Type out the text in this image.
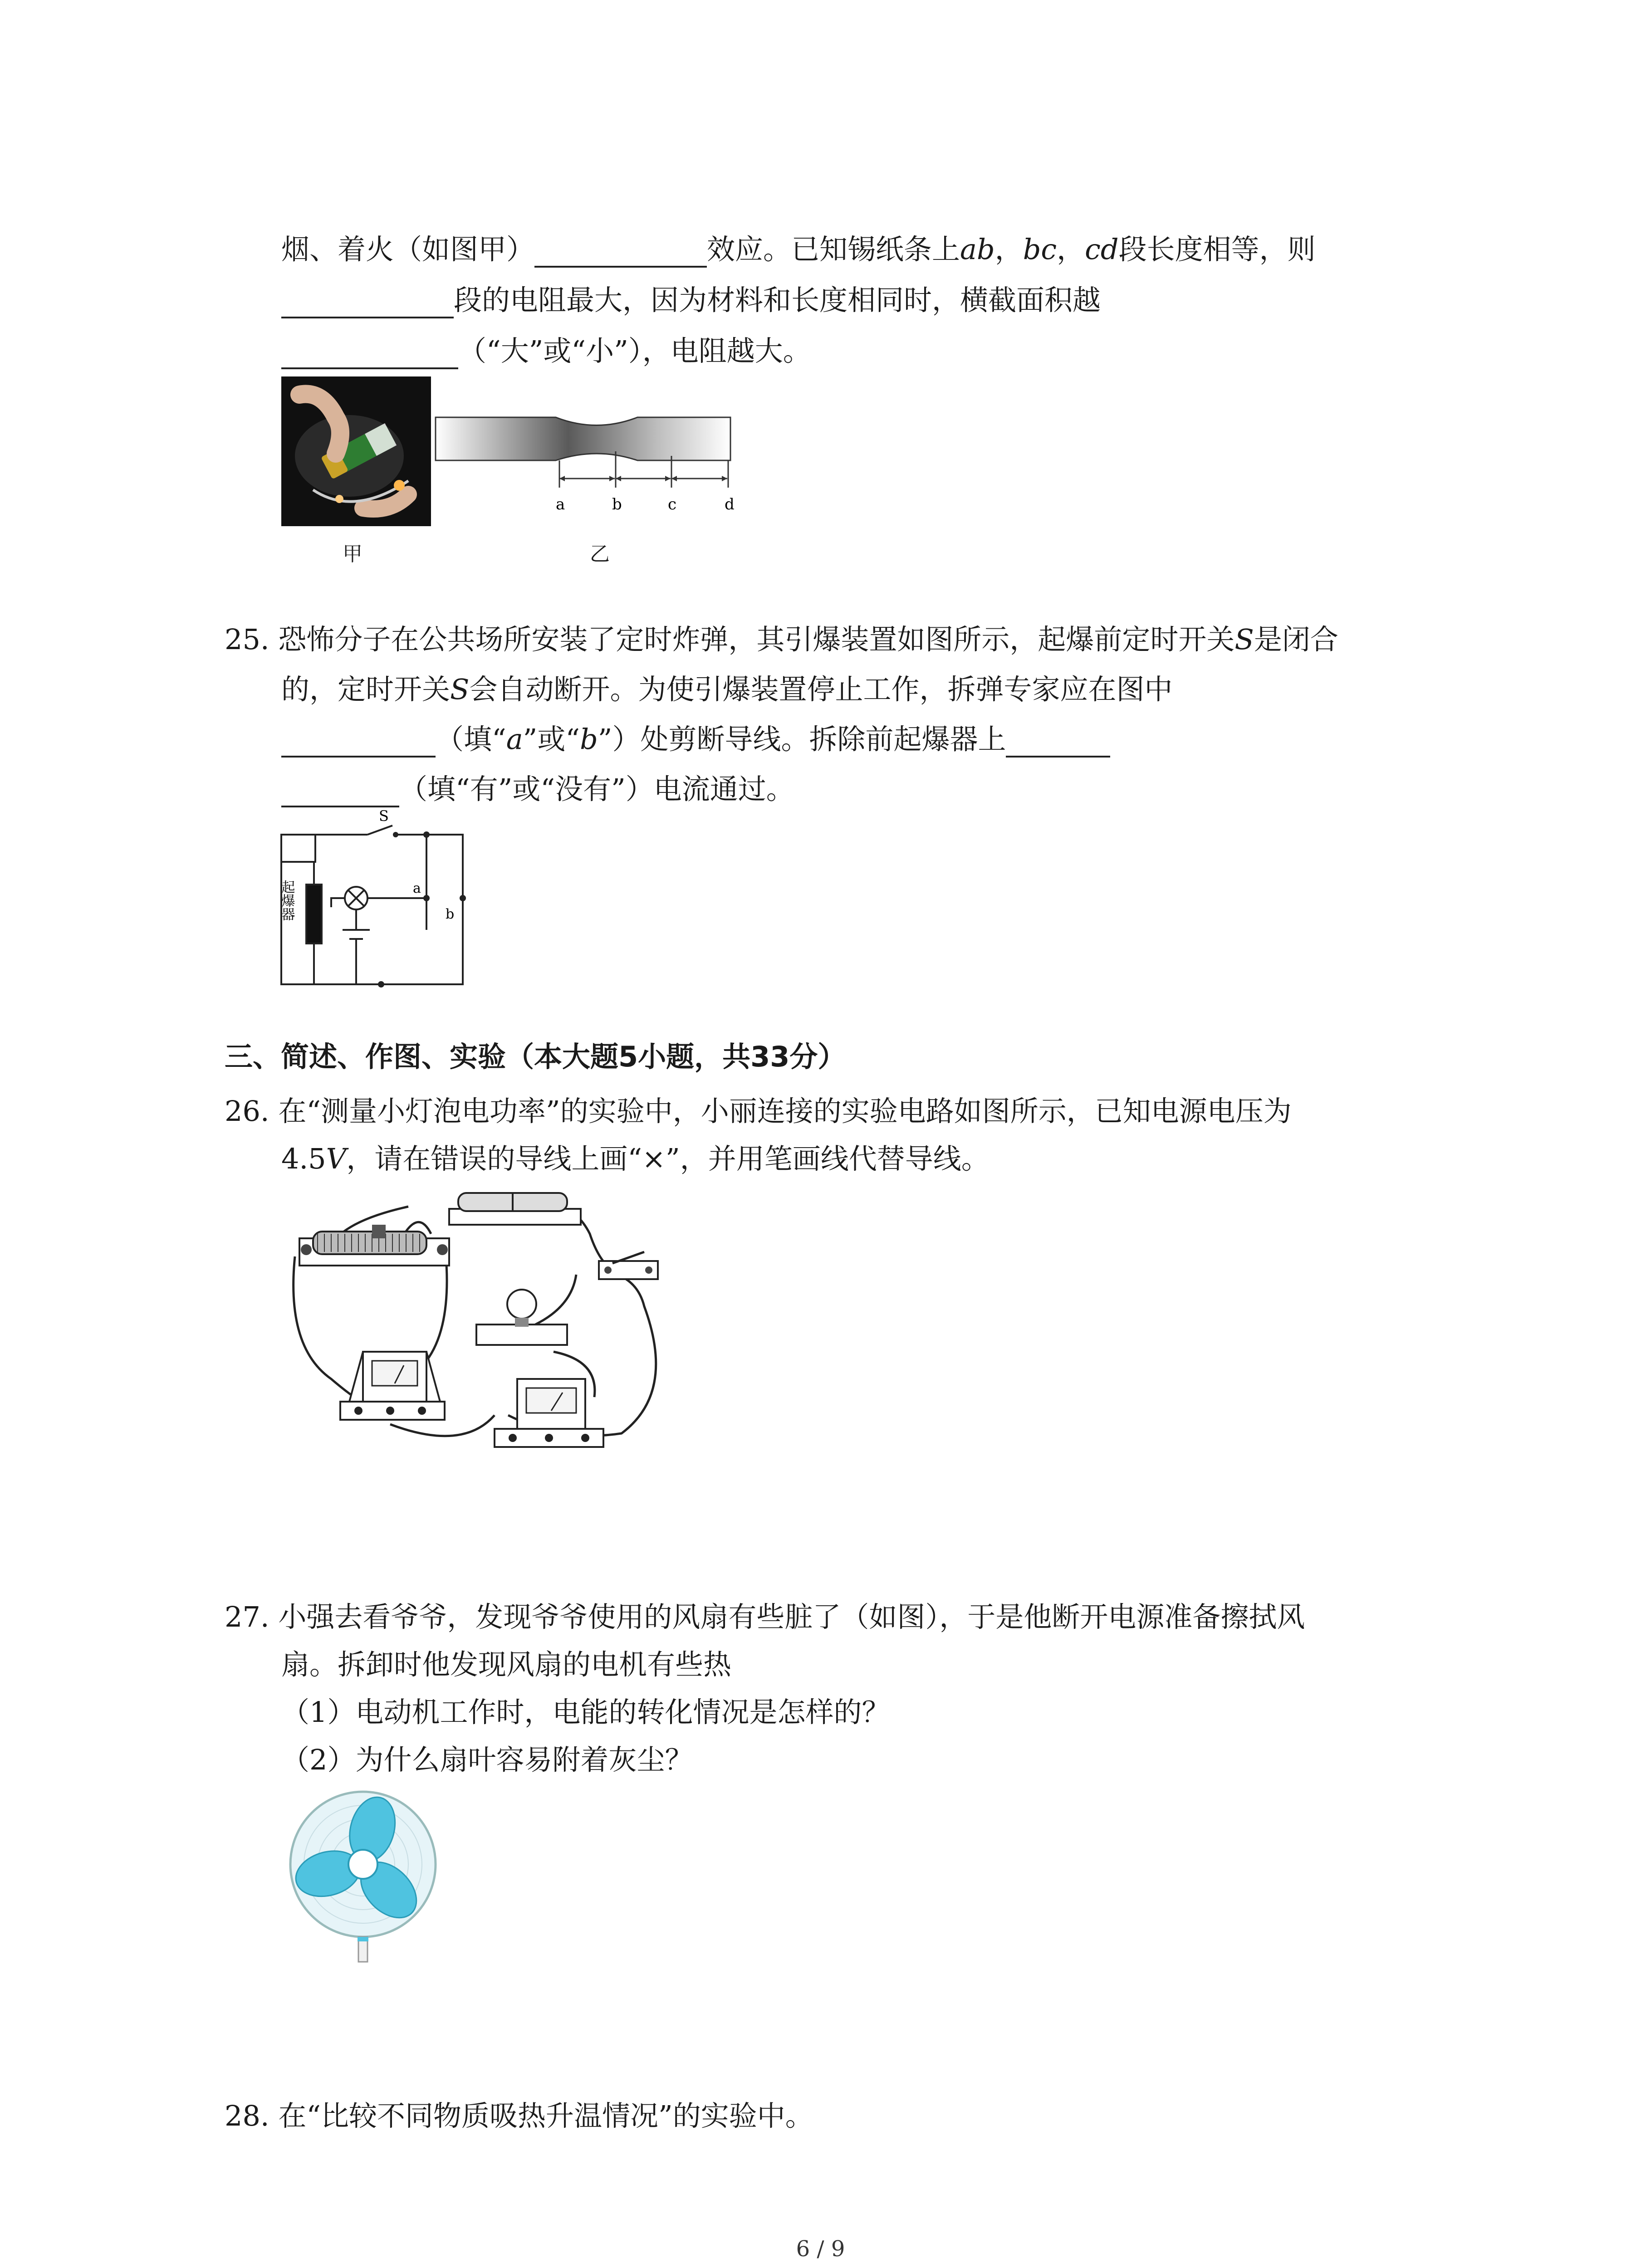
烟、着火（如图甲）	效应。已知锡纸条上ab，bc，cd段长度相等，则
段的电阻最大，因为材料和长度相同时，横截面积越
（“大”或“小”），电阻越大。
甲
a	b	c	d
乙
25. 恐怖分子在公共场所安装了定时炸弹，其引爆装置如图所示，起爆前定时开关S是闭合
的，定时开关S会自动断开。为使引爆装置停止工作，拆弹专家应在图中
（填“a”或“b”）处剪断导线。拆除前起爆器上
（填“有”或“没有”）电流通过。
S
a
b
起爆器
三、简述、作图、实验（本大题5小题，共33分）
26. 在“测量小灯泡电功率”的实验中，小丽连接的实验电路如图所示，已知电源电压为
4.5V，请在错误的导线上画“×”，并用笔画线代替导线。
27. 小强去看爷爷，发现爷爷使用的风扇有些脏了（如图），于是他断开电源准备擦拭风
扇。拆卸时他发现风扇的电机有些热
（1）电动机工作时，电能的转化情况是怎样的？
（2）为什么扇叶容易附着灰尘？
28. 在“比较不同物质吸热升温情况”的实验中。
6 / 9
